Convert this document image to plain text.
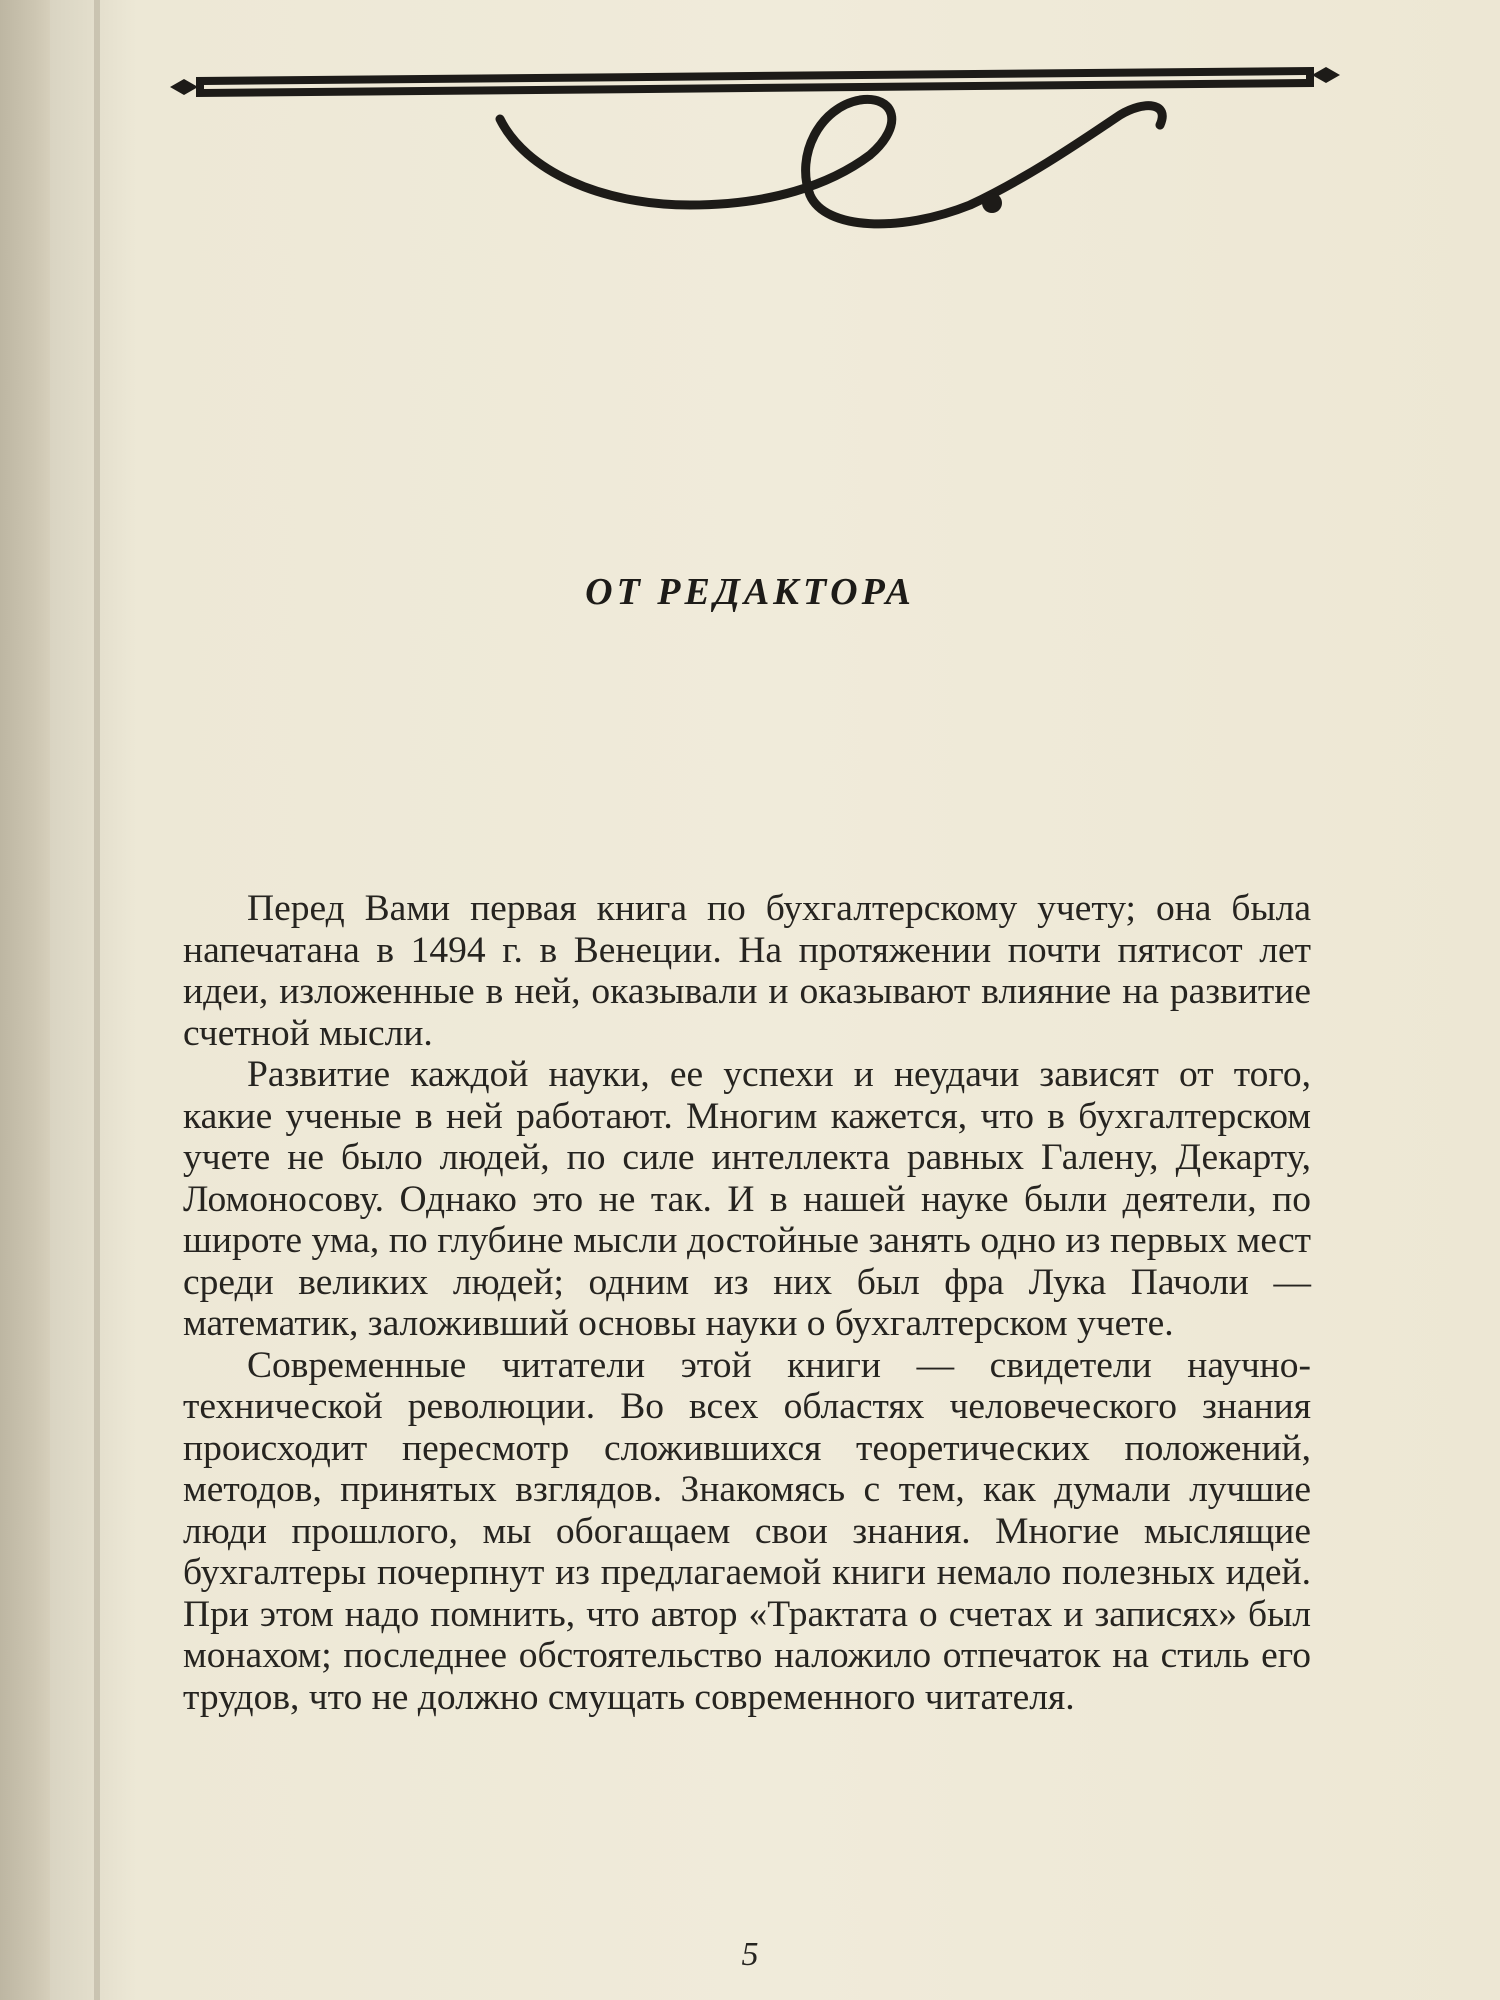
ОТ РЕДАКТОРА

Перед Вами первая книга по бухгалтерскому учету; она была напечатана в 1494 г. в Венеции. На протяжении почти пятисот лет идеи, изложенные в ней, оказывали и оказывают влияние на развитие счетной мысли.

Развитие каждой науки, ее успехи и неудачи зависят от того, какие ученые в ней работают. Многим кажется, что в бухгалтерском учете не было людей, по силе интеллекта равных Галену, Декарту, Ломоносову. Однако это не так. И в нашей науке были деятели, по широте ума, по глубине мысли достойные занять одно из первых мест среди великих людей; одним из них был фра Лука Пачоли — математик, заложивший основы науки о бухгалтерском учете.

Современные читатели этой книги — свидетели научно-технической революции. Во всех областях человеческого знания происходит пересмотр сложившихся теоретических положений, методов, принятых взглядов. Знакомясь с тем, как думали лучшие люди прошлого, мы обогащаем свои знания. Многие мыслящие бухгалтеры почерпнут из предлагаемой книги немало полезных идей. При этом надо помнить, что автор «Трактата о счетах и записях» был монахом; последнее обстоятельство наложило отпечаток на стиль его трудов, что не должно смущать современного читателя.

5
